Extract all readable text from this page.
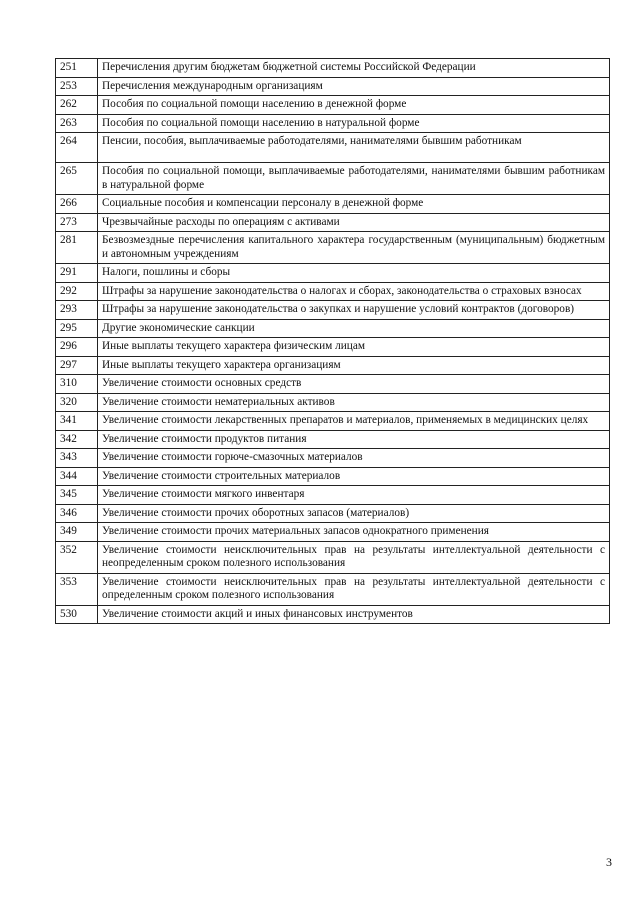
251	Перечисления другим бюджетам бюджетной системы Российской Федерации
253	Перечисления международным организациям
262	Пособия по социальной помощи населению в денежной форме
263	Пособия по социальной помощи населению в натуральной форме
264	Пенсии, пособия, выплачиваемые работодателями, нанимателями бывшим работникам
265	Пособия по социальной помощи, выплачиваемые работодателями, нанимателями бывшим работникам в натуральной форме
266	Социальные пособия и компенсации персоналу в денежной форме
273	Чрезвычайные расходы по операциям с активами
281	Безвозмездные перечисления капитального характера государственным (муниципальным) бюджетным и автономным учреждениям
291	Налоги, пошлины и сборы
292	Штрафы за нарушение законодательства о налогах и сборах, законодательства о страховых взносах
293	Штрафы за нарушение законодательства о закупках и нарушение условий контрактов (договоров)
295	Другие экономические санкции
296	Иные выплаты текущего характера физическим лицам
297	Иные выплаты текущего характера организациям
310	Увеличение стоимости основных средств
320	Увеличение стоимости нематериальных активов
341	Увеличение стоимости лекарственных препаратов и материалов, применяемых в медицинских целях
342	Увеличение стоимости продуктов питания
343	Увеличение стоимости горюче-смазочных материалов
344	Увеличение стоимости строительных материалов
345	Увеличение стоимости мягкого инвентаря
346	Увеличение стоимости прочих оборотных запасов (материалов)
349	Увеличение стоимости прочих материальных запасов однократного применения
352	Увеличение стоимости неисключительных прав на результаты интеллектуальной деятельности с неопределенным сроком полезного использования
353	Увеличение стоимости неисключительных прав на результаты интеллектуальной деятельности с определенным сроком полезного использования
530	Увеличение стоимости акций и иных финансовых инструментов
3
